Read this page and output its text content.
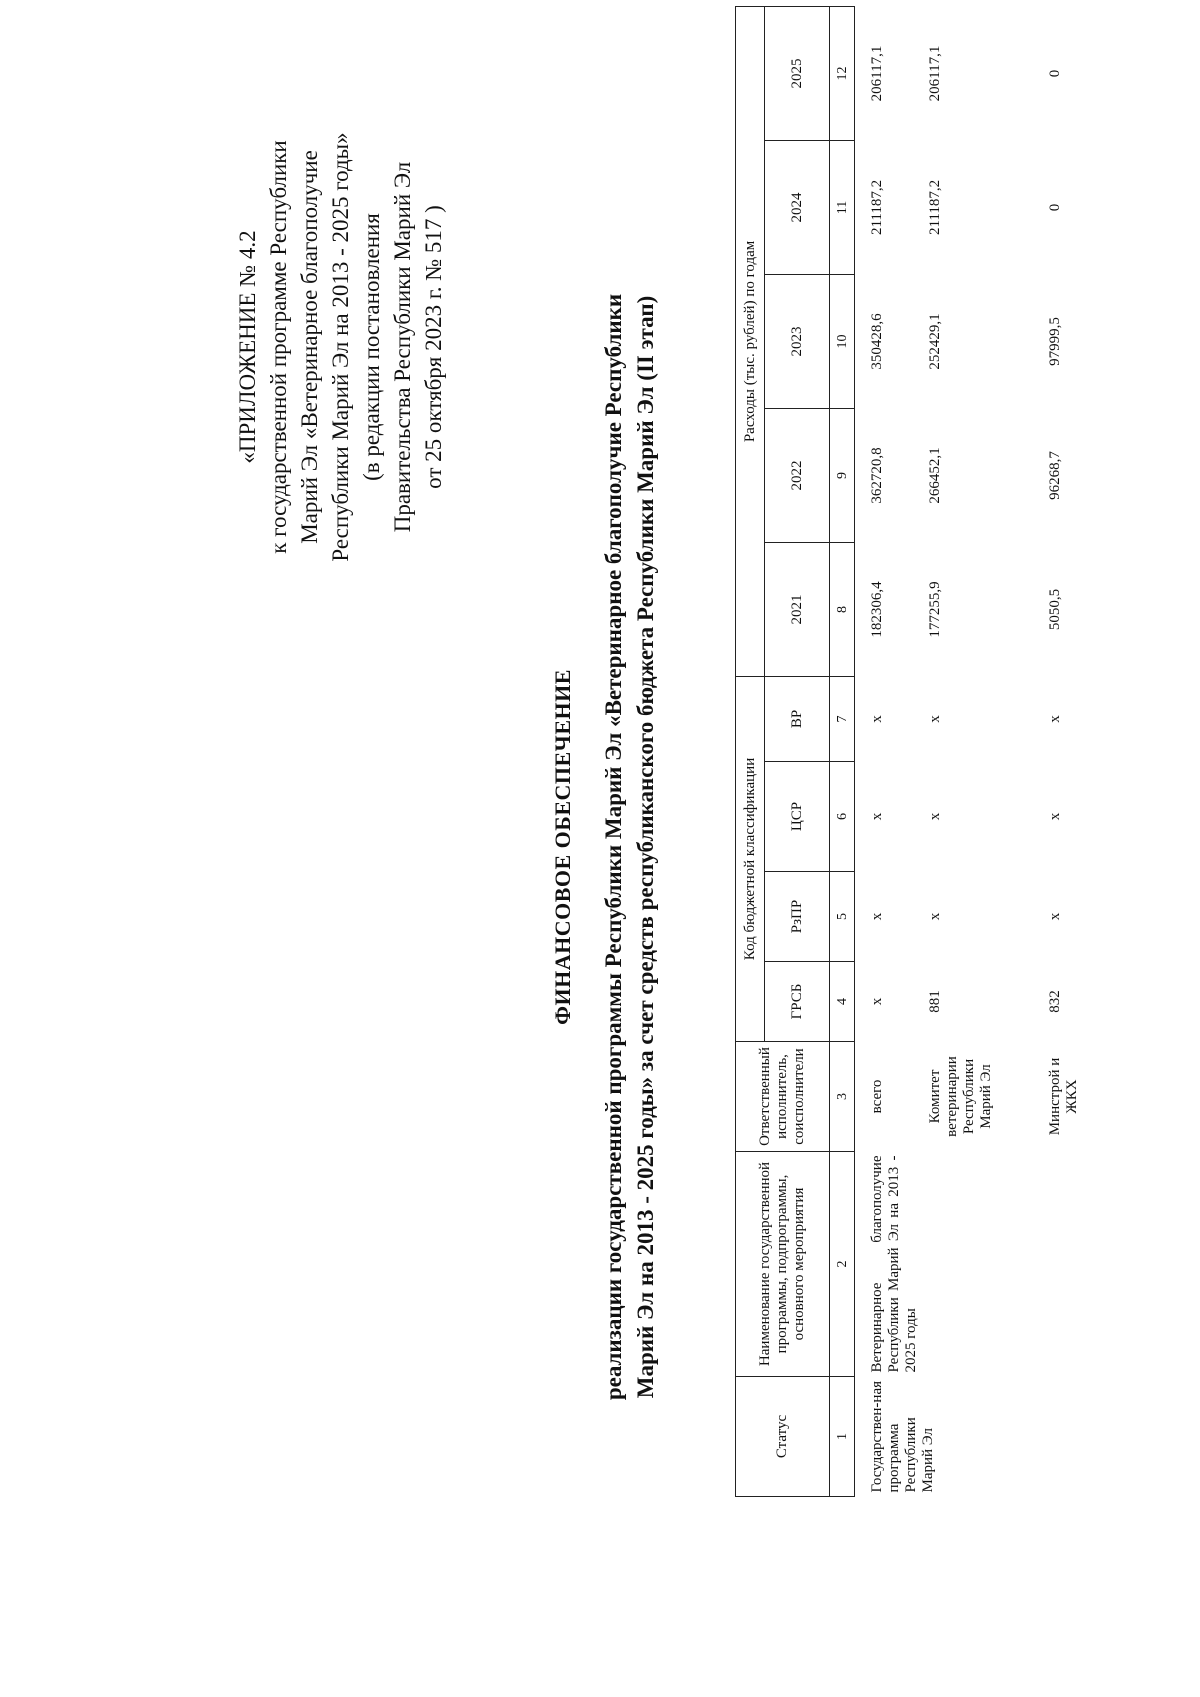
«ПРИЛОЖЕНИЕ № 4.2 к государственной программе Республики Марий Эл «Ветеринарное благополучие Республики Марий Эл на 2013 - 2025 годы» (в редакции постановления Правительства Республики Марий Эл от 25 октября 2023 г. № 517 )
ФИНАНСОВОЕ ОБЕСПЕЧЕНИЕ реализации государственной программы Республики Марий Эл «Ветеринарное благополучие Республики Марий Эл на 2013 - 2025 годы» за счет средств республиканского бюджета Республики Марий Эл (II этап)
Статус	Наименование государственной программы, подпрограммы, основного мероприятия	Ответственный исполнитель, соисполнители	Код бюджетной классификации				Расходы (тыс. рублей) по годам				
			ГРСБ	РзПР	ЦСР	ВР	2021	2022	2023	2024	2025
1	2	3	4	5	6	7	8	9	10	11	12
Государствен-ная программа Республики Марий Эл	Ветеринарное благополучие Республики Марий Эл на 2013 - 2025 годы	всего	х	х	х	х	182306,4	362720,8	350428,6	211187,2	206117,1
		Комитет ветеринарии Республики Марий Эл	881	х	х	х	177255,9	266452,1	252429,1	211187,2	206117,1
		Минстрой и ЖКХ	832	х	х	х	5050,5	96268,7	97999,5	0	0
